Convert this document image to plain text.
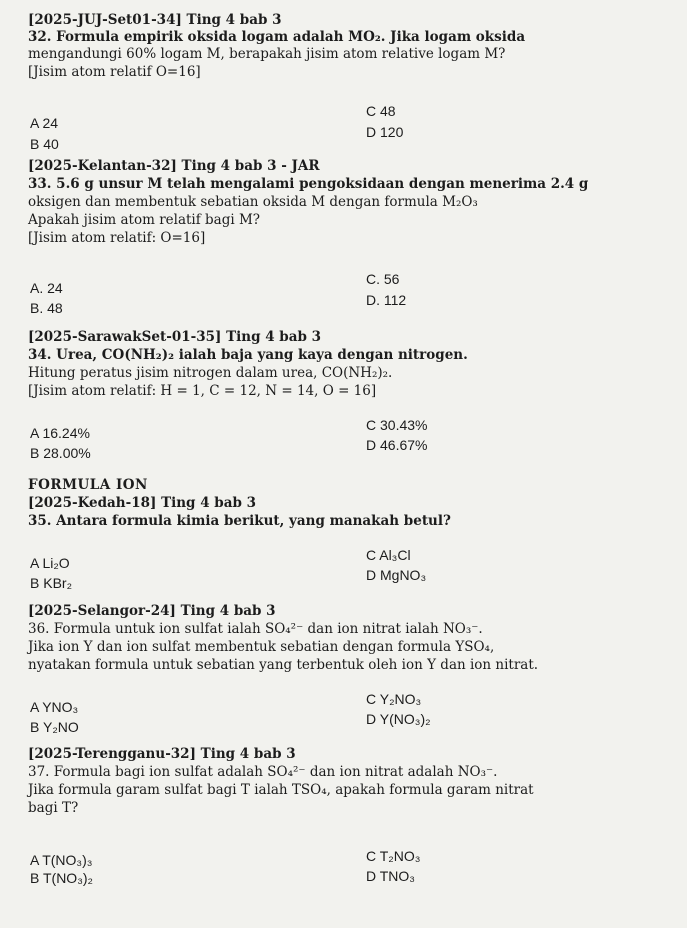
[2025-JUJ-Set01-34] Ting 4 bab 3
32. Formula empirik oksida logam adalah MO₂. Jika logam oksida
mengandungi 60% logam M, berapakah jisim atom relative logam M?
[Jisim atom relatif O=16]
C 48
A 24
D 120
B 40
[2025-Kelantan-32] Ting 4 bab 3 - JAR
33. 5.6 g unsur M telah mengalami pengoksidaan dengan menerima 2.4 g
oksigen dan membentuk sebatian oksida M dengan formula M₂O₃
Apakah jisim atom relatif bagi M?
[Jisim atom relatif: O=16]
C. 56
A. 24
D. 112
B. 48
[2025-SarawakSet-01-35] Ting 4 bab 3
34. Urea, CO(NH₂)₂ ialah baja yang kaya dengan nitrogen.
Hitung peratus jisim nitrogen dalam urea, CO(NH₂)₂.
[Jisim atom relatif: H = 1, C = 12, N = 14, O = 16]
C 30.43%
A 16.24%
D 46.67%
B 28.00%
FORMULA ION
[2025-Kedah-18] Ting 4 bab 3
35. Antara formula kimia berikut, yang manakah betul?
C Al₃Cl
A Li₂O
D MgNO₃
B KBr₂
[2025-Selangor-24] Ting 4 bab 3
36. Formula untuk ion sulfat ialah SO₄²⁻ dan ion nitrat ialah NO₃⁻.
Jika ion Y dan ion sulfat membentuk sebatian dengan formula YSO₄,
nyatakan formula untuk sebatian yang terbentuk oleh ion Y dan ion nitrat.
C Y₂NO₃
A YNO₃
D Y(NO₃)₂
B Y₂NO
[2025-Terengganu-32] Ting 4 bab 3
37. Formula bagi ion sulfat adalah SO₄²⁻ dan ion nitrat adalah NO₃⁻.
Jika formula garam sulfat bagi T ialah TSO₄, apakah formula garam nitrat
bagi T?
C T₂NO₃
A T(NO₃)₃
D TNO₃
B T(NO₃)₂
